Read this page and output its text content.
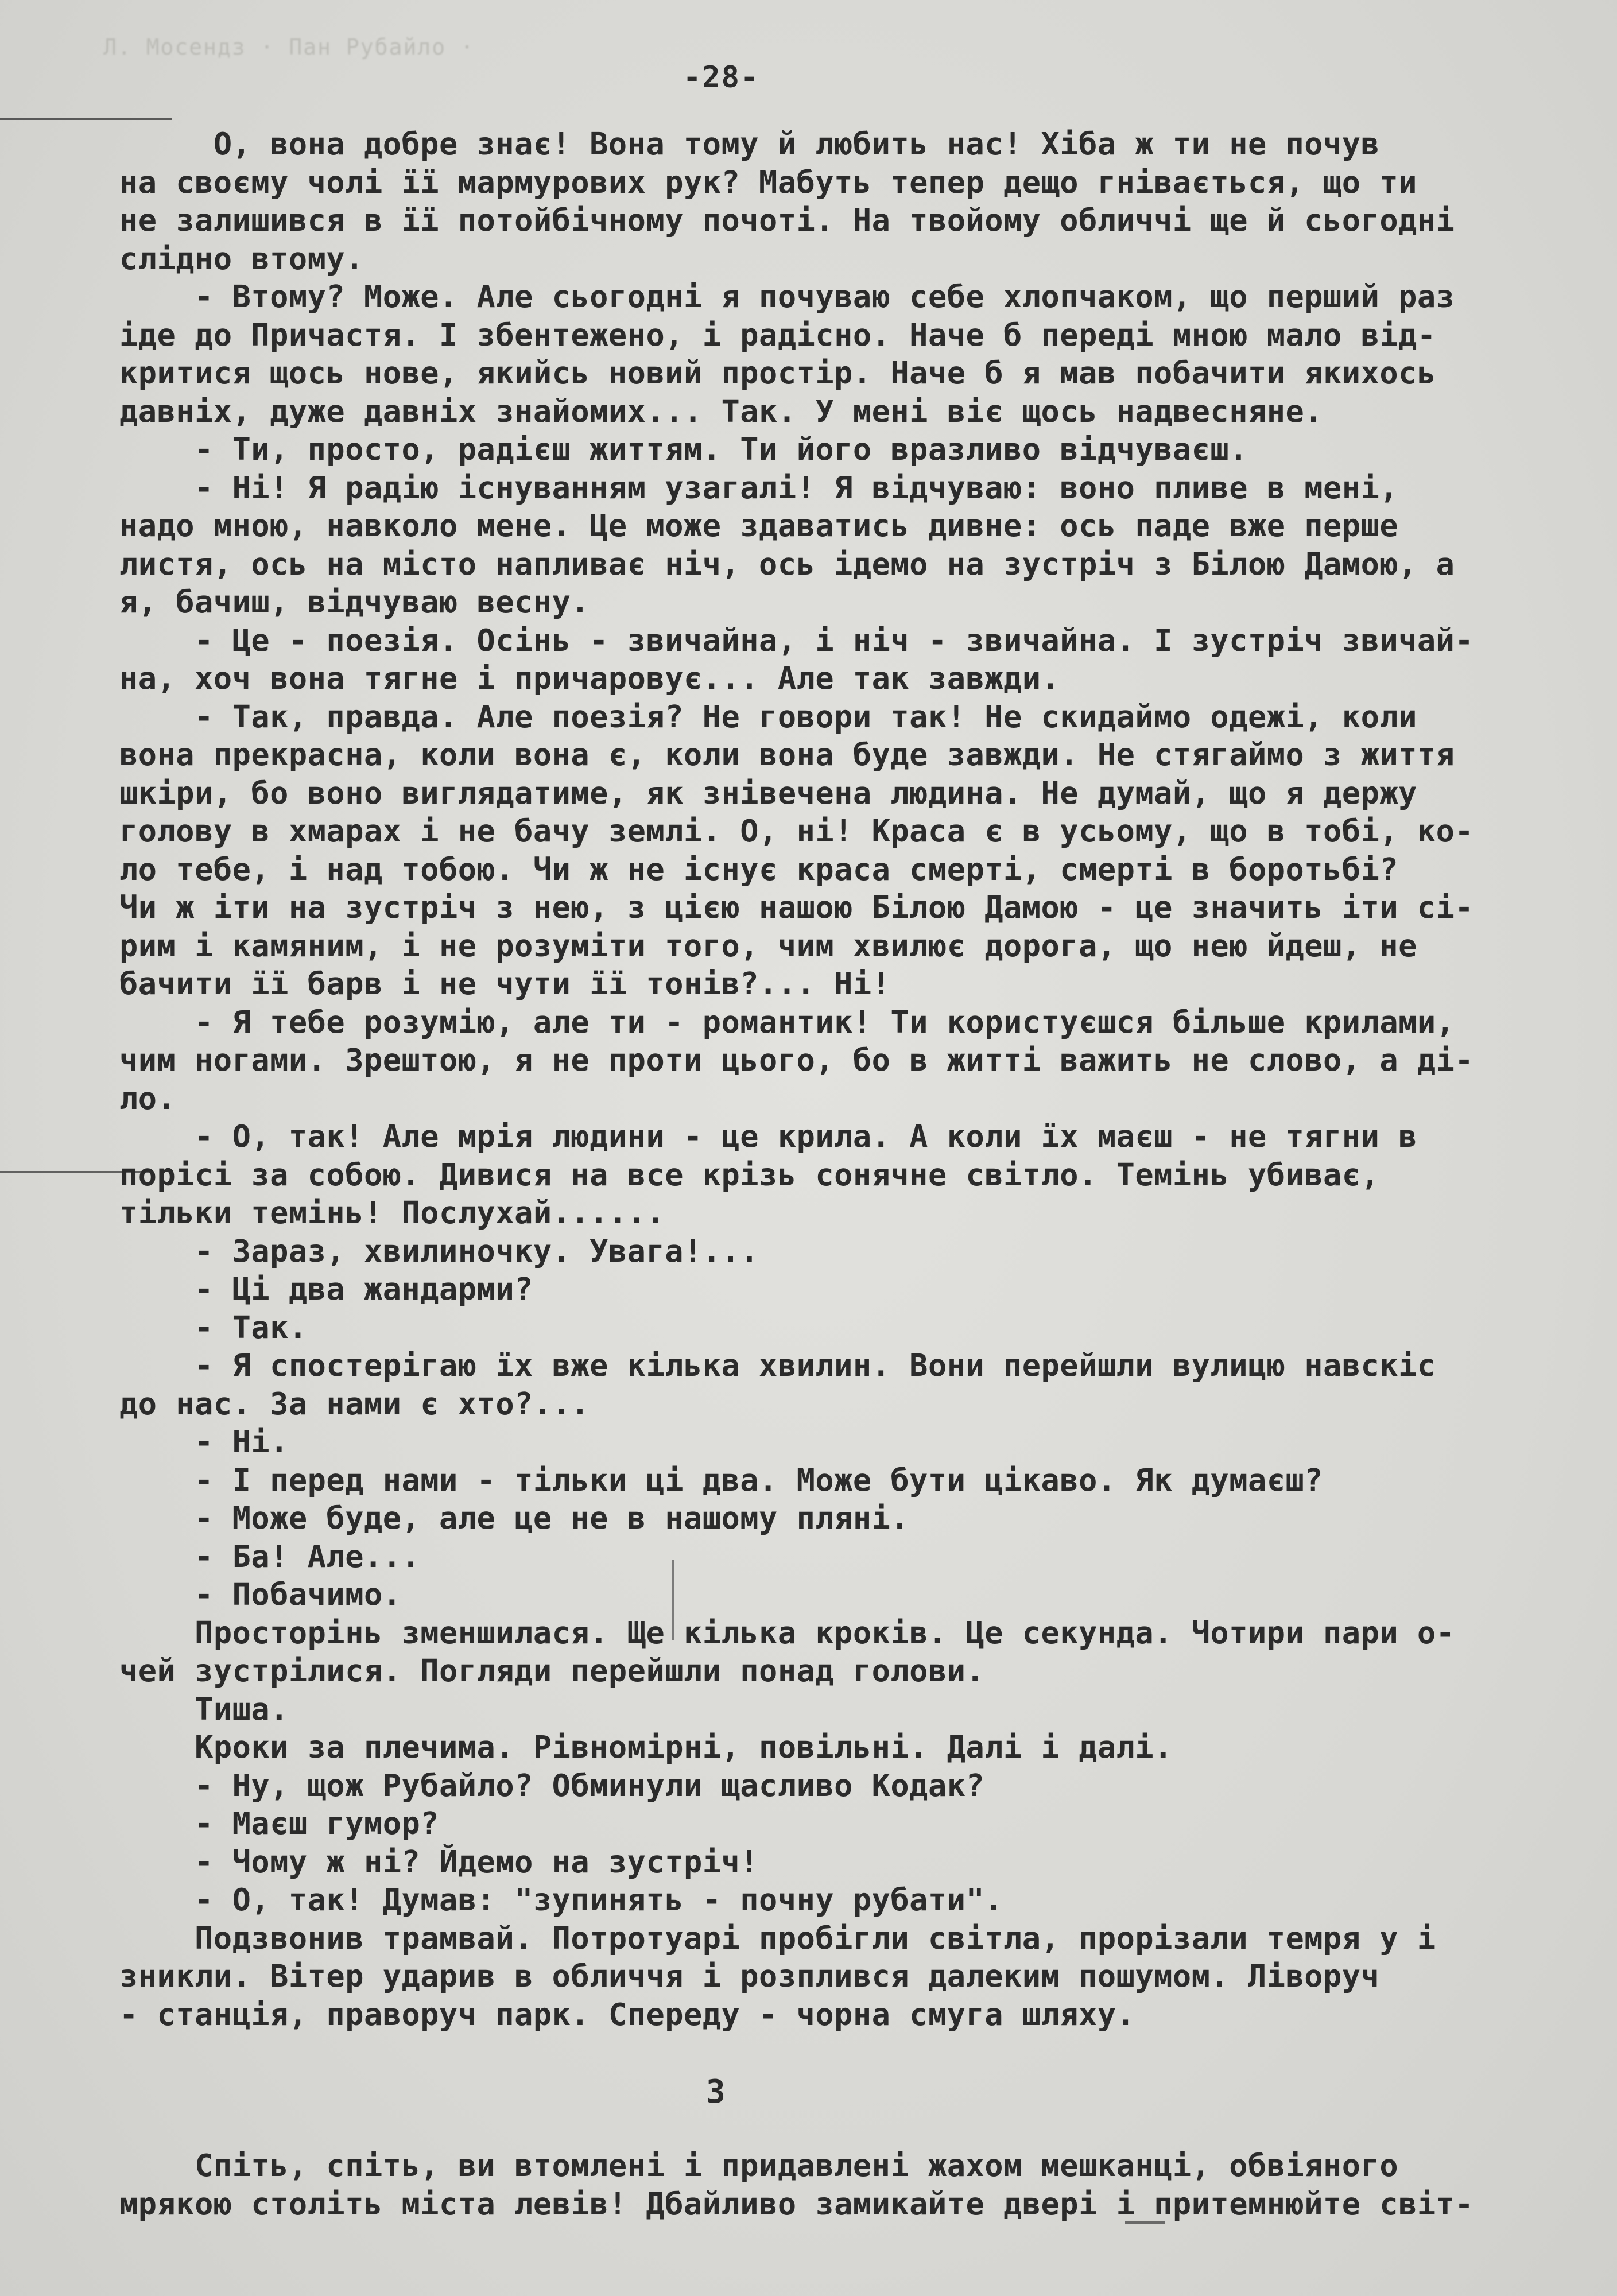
Л. Мосендз · Пан Рубайло ·
-28-
О, вона добре знає! Вона тому й любить нас! Хіба ж ти не почув
на своєму чолі її мармурових рук? Мабуть тепер дещо гнівається, що ти
не залишився в її потойбічному почоті. На твойому обличчі ще й сьогодні
слідно втому.
- Втому? Може. Але сьогодні я почуваю себе хлопчаком, що перший раз
іде до Причастя. І збентежено, і радісно. Наче б переді мною мало від-
критися щось нове, якийсь новий простір. Наче б я мав побачити якихось
давніх, дуже давніх знайомих... Так. У мені віє щось надвесняне.
- Ти, просто, радієш життям. Ти його вразливо відчуваєш.
- Ні! Я радію існуванням узагалі! Я відчуваю: воно пливе в мені,
надо мною, навколо мене. Це може здаватись дивне: ось паде вже перше
листя, ось на місто напливає ніч, ось ідемо на зустріч з Білою Дамою, а
я, бачиш, відчуваю весну.
- Це - поезія. Осінь - звичайна, і ніч - звичайна. І зустріч звичай-
на, хоч вона тягне і причаровує... Але так завжди.
- Так, правда. Але поезія? Не говори так! Не скидаймо одежі, коли
вона прекрасна, коли вона є, коли вона буде завжди. Не стягаймо з життя
шкіри, бо воно виглядатиме, як знівечена людина. Не думай, що я держу
голову в хмарах і не бачу землі. О, ні! Краса є в усьому, що в тобі, ко-
ло тебе, і над тобою. Чи ж не існує краса смерті, смерті в боротьбі?
Чи ж іти на зустріч з нею, з цією нашою Білою Дамою - це значить іти сі-
рим і камяним, і не розуміти того, чим хвилює дорога, що нею йдеш, не
бачити її барв і не чути її тонів?... Ні!
- Я тебе розумію, але ти - романтик! Ти користуєшся більше крилами,
чим ногами. Зрештою, я не проти цього, бо в житті важить не слово, а ді-
ло.
- О, так! Але мрія людини - це крила. А коли їх маєш - не тягни в
порісі за собою. Дивися на все крізь сонячне світло. Темінь убиває,
тільки темінь! Послухай......
- Зараз, хвилиночку. Увага!...
- Ці два жандарми?
- Так.
- Я спостерігаю їх вже кілька хвилин. Вони перейшли вулицю навскіс
до нас. За нами є хто?...
- Ні.
- І перед нами - тільки ці два. Може бути цікаво. Як думаєш?
- Може буде, але це не в нашому пляні.
- Ба! Але...
- Побачимо.
Просторінь зменшилася. Ще кілька кроків. Це секунда. Чотири пари о-
чей зустрілися. Погляди перейшли понад голови.
Тиша.
Кроки за плечима. Рівномірні, повільні. Далі і далі.
- Ну, щож Рубайло? Обминули щасливо Кодак?
- Маєш гумор?
- Чому ж ні? Йдемо на зустріч!
- О, так! Думав: "зупинять - почну рубати".
Подзвонив трамвай. Потротуарі пробігли світла, прорізали темря у і
зникли. Вітер ударив в обличчя і розплився далеким пошумом. Ліворуч
- станція, праворуч парк. Спереду - чорна смуга шляху.
3
Спіть, спіть, ви втомлені і придавлені жахом мешканці, обвіяного
мрякою століть міста левів! Дбайливо замикайте двері і притемнюйте світ-
